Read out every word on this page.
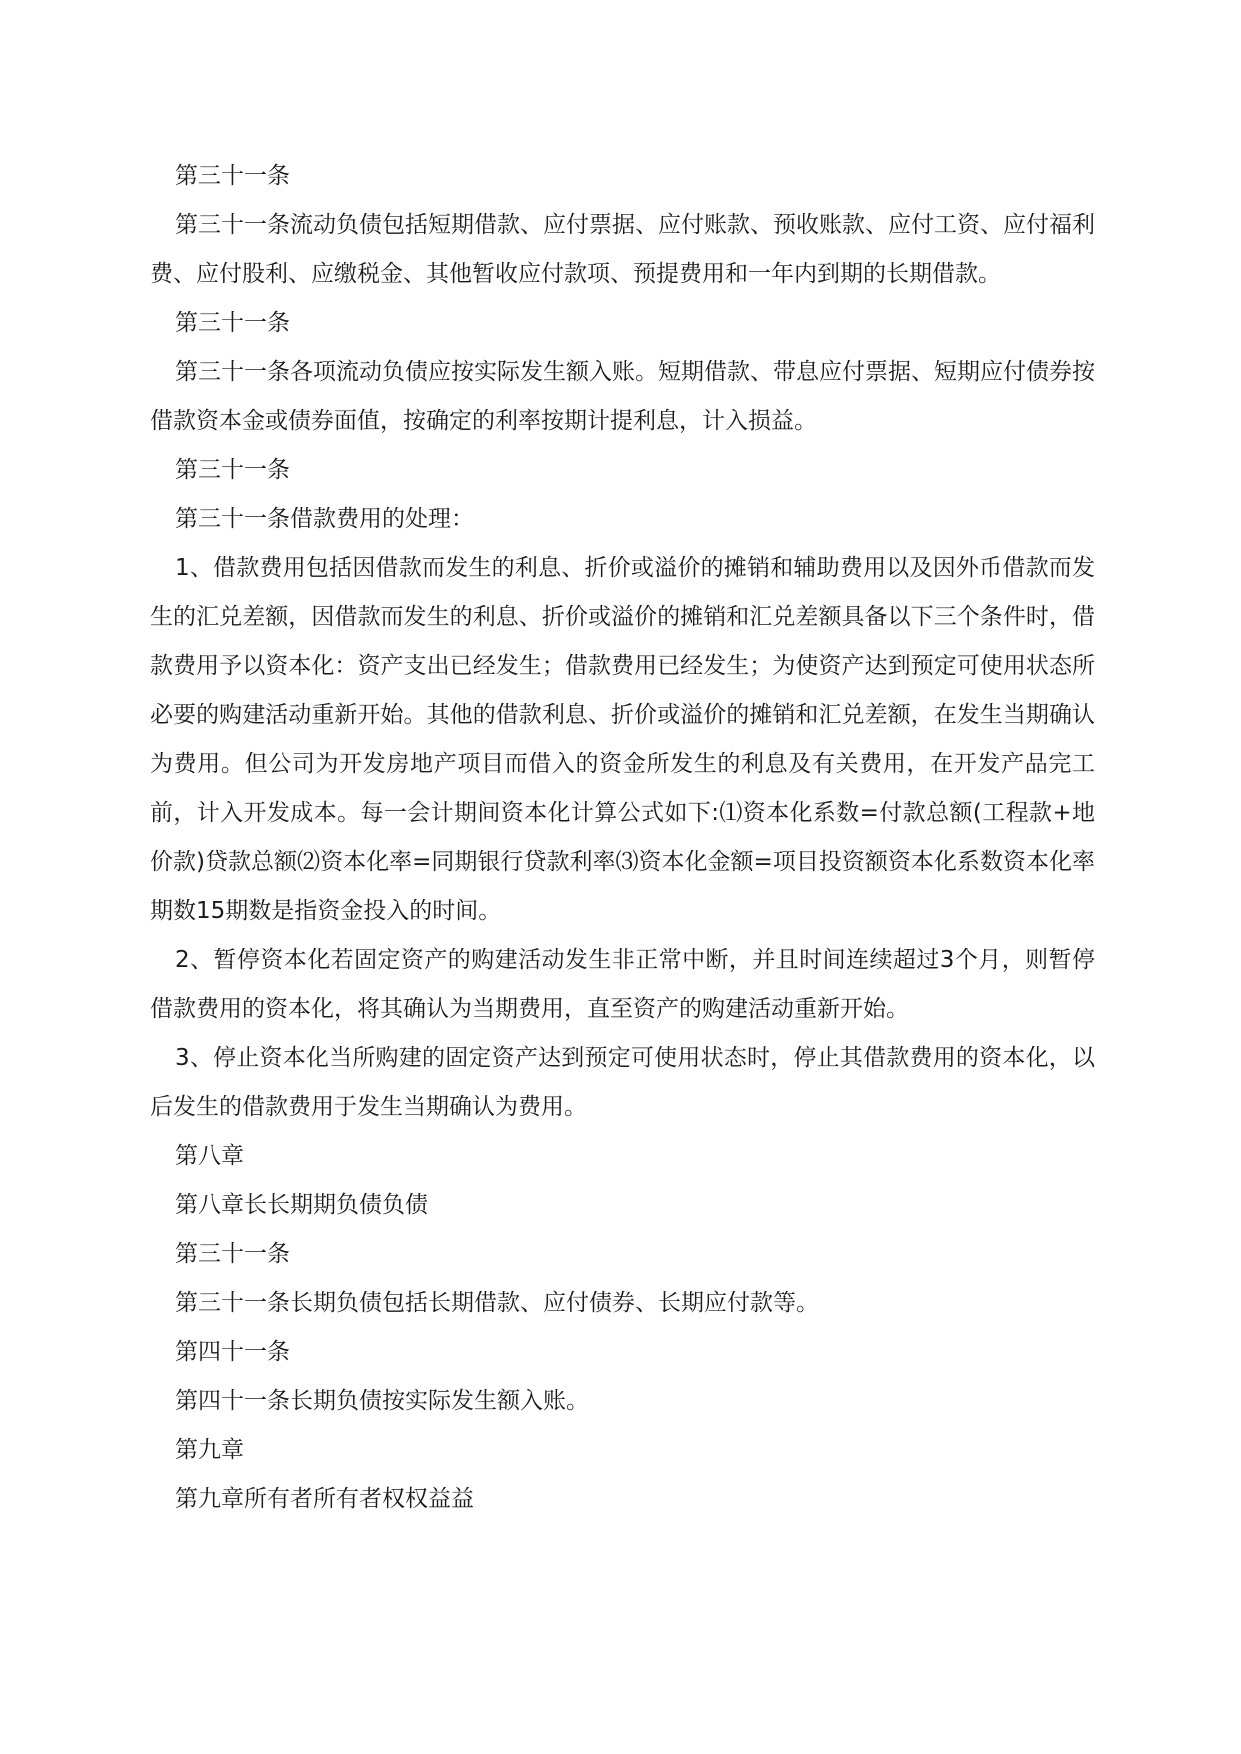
第三十一条

第三十一条流动负债包括短期借款、应付票据、应付账款、预收账款、应付工资、应付福利费、应付股利、应缴税金、其他暂收应付款项、预提费用和一年内到期的长期借款。

第三十一条

第三十一条各项流动负债应按实际发生额入账。短期借款、带息应付票据、短期应付债券按借款资本金或债券面值，按确定的利率按期计提利息，计入损益。

第三十一条

第三十一条借款费用的处理：

1、借款费用包括因借款而发生的利息、折价或溢价的摊销和辅助费用以及因外币借款而发生的汇兑差额，因借款而发生的利息、折价或溢价的摊销和汇兑差额具备以下三个条件时，借款费用予以资本化：资产支出已经发生；借款费用已经发生；为使资产达到预定可使用状态所必要的购建活动重新开始。其他的借款利息、折价或溢价的摊销和汇兑差额，在发生当期确认为费用。但公司为开发房地产项目而借入的资金所发生的利息及有关费用，在开发产品完工前，计入开发成本。每一会计期间资本化计算公式如下:⑴资本化系数=付款总额(工程款+地价款)贷款总额⑵资本化率=同期银行贷款利率⑶资本化金额=项目投资额资本化系数资本化率期数15期数是指资金投入的时间。

2、暂停资本化若固定资产的购建活动发生非正常中断，并且时间连续超过3个月，则暂停借款费用的资本化，将其确认为当期费用，直至资产的购建活动重新开始。

3、停止资本化当所购建的固定资产达到预定可使用状态时，停止其借款费用的资本化，以后发生的借款费用于发生当期确认为费用。

第八章

第八章长长期期负债负债

第三十一条

第三十一条长期负债包括长期借款、应付债券、长期应付款等。

第四十一条

第四十一条长期负债按实际发生额入账。

第九章

第九章所有者所有者权权益益
